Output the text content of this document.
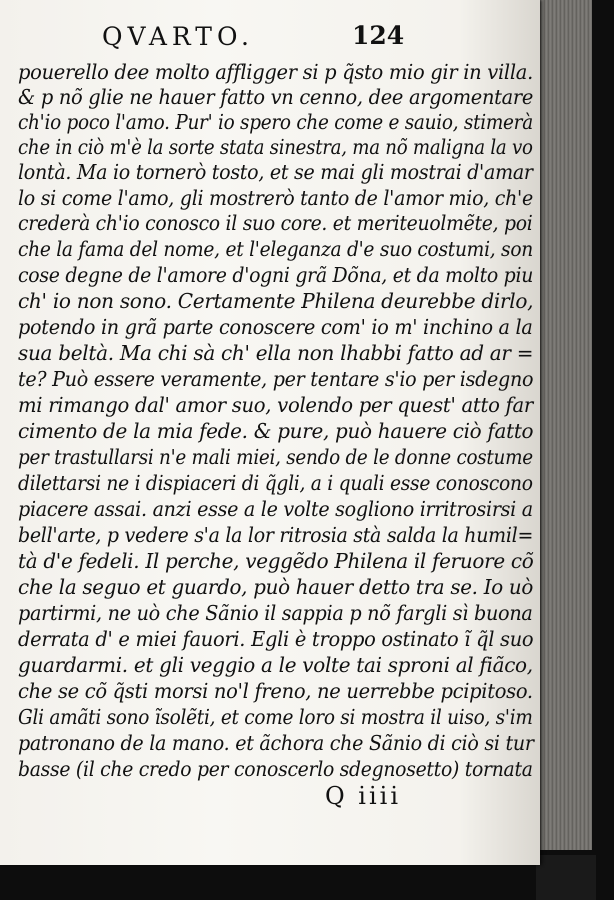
QVARTO.	124
pouerello dee molto affligger si p q̃sto mio gir in villa.
& p nõ glie ne hauer fatto vn cenno, dee argomentare
ch'io poco l'amo. Pur' io spero che come e sauio, stimerà
che in ciò m'è la sorte stata sinestra, ma nõ maligna la vo
lontà. Ma io tornerò tosto, et se mai gli mostrai d'amar
lo si come l'amo, gli mostrerò tanto de l'amor mio, ch'e
crederà ch'io conosco il suo core. et meriteuolmẽte, poi
che la fama del nome, et l'eleganza d'e suo costumi, son
cose degne de l'amore d'ogni grã Dõna, et da molto piu
ch' io non sono. Certamente Philena deurebbe dirlo,
potendo in grã parte conoscere com' io m' inchino a la
sua beltà. Ma chi sà ch' ella non lhabbi fatto ad ar =
te? Può essere veramente, per tentare s'io per isdegno
mi rimango dal' amor suo, volendo per quest' atto far
cimento de la mia fede. & pure, può hauere ciò fatto
per trastullarsi n'e mali miei, sendo de le donne costume
dilettarsi ne i dispiaceri di q̃gli, a i quali esse conoscono
piacere assai. anzi esse a le volte sogliono irritrosirsi a
bell'arte, p vedere s'a la lor ritrosia stà salda la humil=
tà d'e fedeli. Il perche, veggẽdo Philena il feruore cõ
che la seguo et guardo, può hauer detto tra se. Io uò
partirmi, ne uò che Sãnio il sappia p nõ fargli sì buona
derrata d' e miei fauori. Egli è troppo ostinato ĩ q̃l suo
guardarmi. et gli veggio a le volte tai sproni al fiãco,
che se cõ q̃sti morsi no'l freno, ne uerrebbe pcipitoso.
Gli amãti sono ĩsolẽti, et come loro si mostra il uiso, s'im
patronano de la mano. et ãchora che Sãnio di ciò si tur
basse (il che credo per conoscerlo sdegnosetto) tornata
Q iiii
